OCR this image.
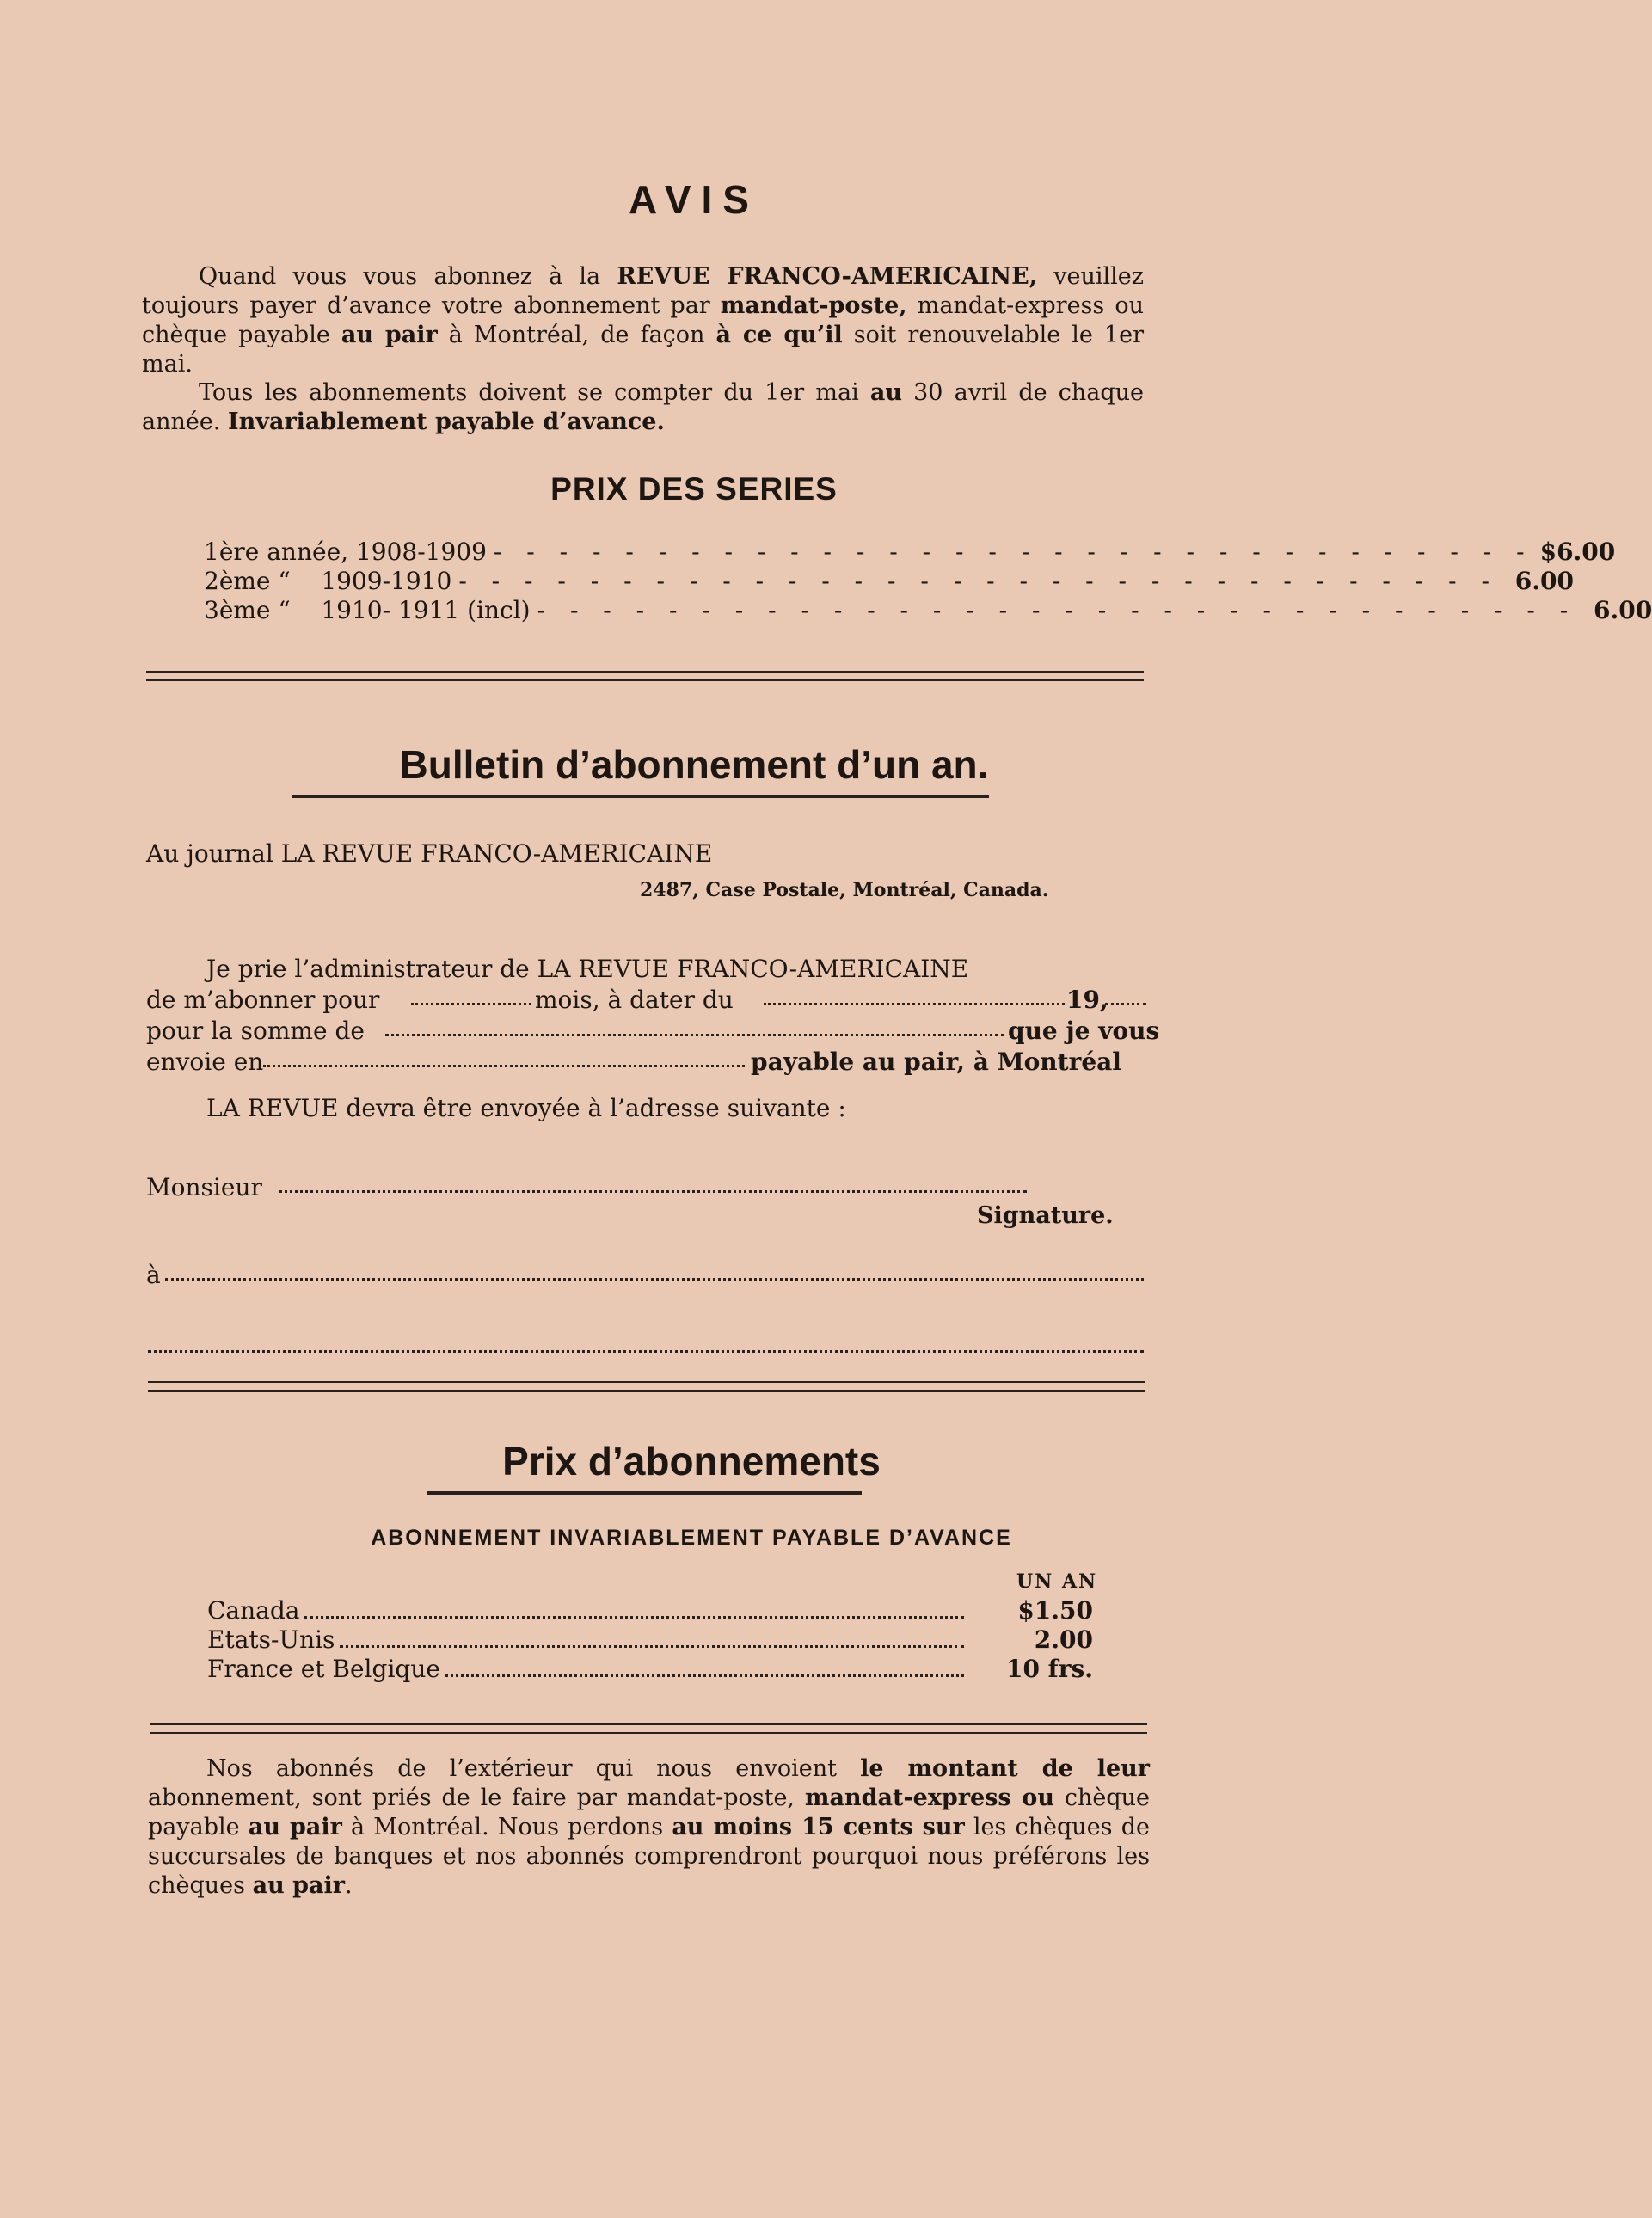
AVIS
Quand vous vous abonnez à la REVUE FRANCO-AMERICAINE, veuillez toujours payer d’avance votre abonnement par mandat-poste, mandat-express ou chèque payable au pair à Montréal, de façon à ce qu’il soit renouvelable le 1er mai.
Tous les abonnements doivent se compter du 1er mai au 30 avril de chaque année. Invariablement payable d’avance.
PRIX DES SERIES
1ère année, 1908-1909 - - - - - - - - - - - - - - - - - - - - - - - - - - - - - - - - $6.00
2ème “    1909-1910 - - - - - - - - - - - - - - - - - - - - - - - - - - - - - - - - 6.00
3ème “    1910- 1911 (incl) - - - - - - - - - - - - - - - - - - - - - - - - - - - - - - - - 6.00
Bulletin d’abonnement d’un an.
Au journal LA REVUE FRANCO-AMERICAINE
2487, Case Postale, Montréal, Canada.
Je prie l’administrateur de LA REVUE FRANCO-AMERICAINE
de m’abonner pour	mois, à dater du	19,
pour la somme de	que je vous
envoie en	payable au pair, à Montréal
LA REVUE devra être envoyée à l’adresse suivante :
Monsieur
Signature.
à
Prix d’abonnements
ABONNEMENT INVARIABLEMENT PAYABLE D’AVANCE
UN AN
Canada	$1.50
Etats-Unis	2.00
France et Belgique	10 frs.
Nos abonnés de l’extérieur qui nous envoient le montant de leur abonnement, sont priés de le faire par mandat-poste, mandat-express ou chèque payable au pair à Montréal. Nous perdons au moins 15 cents sur les chèques de succursales de banques et nos abonnés comprendront pourquoi nous préférons les chèques au pair.
